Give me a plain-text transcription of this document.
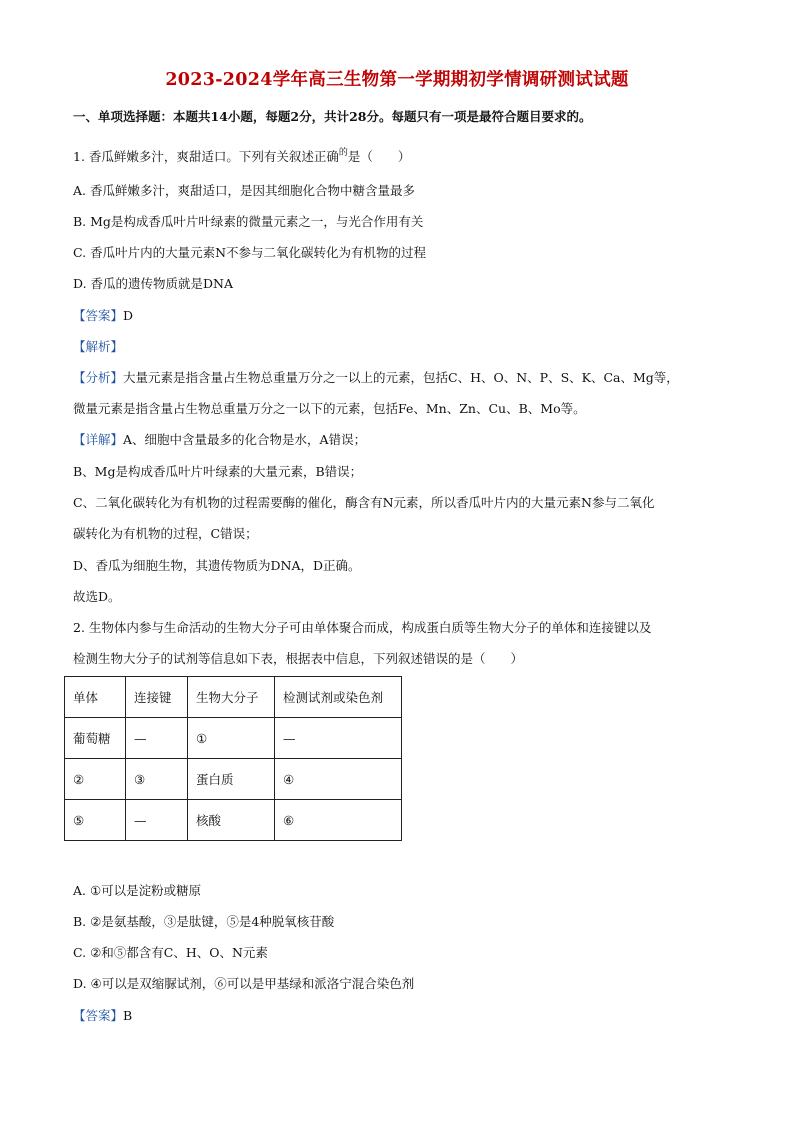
2023-2024学年高三生物第一学期期初学情调研测试试题
一、单项选择题：本题共14小题，每题2分，共计28分。每题只有一项是最符合题目要求的。
1. 香瓜鲜嫩多汁，爽甜适口。下列有关叙述正确$^的$是（　　）
A. 香瓜鲜嫩多汁，爽甜适口，是因其细胞化合物中糖含量最多
B. Mg是构成香瓜叶片叶绿素的微量元素之一，与光合作用有关
C. 香瓜叶片内的大量元素N不参与二氧化碳转化为有机物的过程
D. 香瓜的遗传物质就是DNA
【答案】D
【解析】
【分析】大量元素是指含量占生物总重量万分之一以上的元素，包括C、H、O、N、P、S、K、Ca、Mg等，
微量元素是指含量占生物总重量万分之一以下的元素，包括Fe、Mn、Zn、Cu、B、Mo等。
【详解】A、细胞中含量最多的化合物是水，A错误；
B、Mg是构成香瓜叶片叶绿素的大量元素，B错误；
C、二氧化碳转化为有机物的过程需要酶的催化，酶含有N元素，所以香瓜叶片内的大量元素N参与二氧化
碳转化为有机物的过程，C错误；
D、香瓜为细胞生物，其遗传物质为DNA，D正确。
故选D。
2. 生物体内参与生命活动的生物大分子可由单体聚合而成，构成蛋白质等生物大分子的单体和连接键以及
检测生物大分子的试剂等信息如下表，根据表中信息，下列叙述错误的是（　　）
单体	连接键	生物大分子	检测试剂或染色剂
葡萄糖	—	①	—
②	③	蛋白质	④
⑤	—	核酸	⑥
A. ①可以是淀粉或糖原
B. ②是氨基酸，③是肽键，⑤是4种脱氧核苷酸
C. ②和⑤都含有C、H、O、N元素
D. ④可以是双缩脲试剂，⑥可以是甲基绿和派洛宁混合染色剂
【答案】B
